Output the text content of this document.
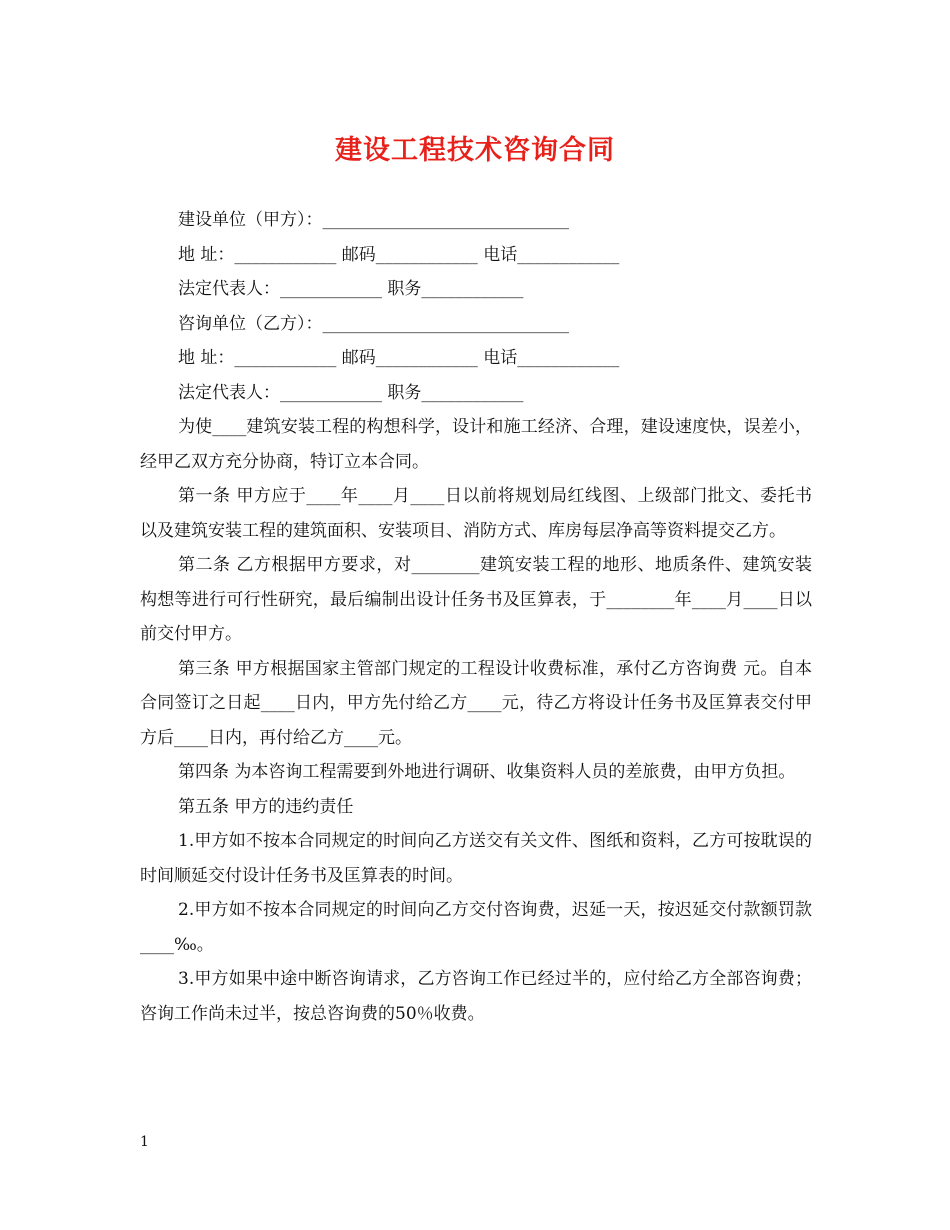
建设工程技术咨询合同
建设单位（甲方）：_____________________________
地 址：____________ 邮码____________ 电话____________
法定代表人：____________ 职务____________
咨询单位（乙方）：_____________________________
地 址：____________ 邮码____________ 电话____________
法定代表人：____________ 职务____________
为使____建筑安装工程的构想科学，设计和施工经济、合理，建设速度快，误差小，经甲乙双方充分协商，特订立本合同。
第一条 甲方应于____年____月____日以前将规划局红线图、上级部门批文、委托书以及建筑安装工程的建筑面积、安装项目、消防方式、库房每层净高等资料提交乙方。
第二条 乙方根据甲方要求，对________建筑安装工程的地形、地质条件、建筑安装构想等进行可行性研究，最后编制出设计任务书及匡算表，于________年____月____日以前交付甲方。
第三条 甲方根据国家主管部门规定的工程设计收费标准，承付乙方咨询费 元。自本合同签订之日起____日内，甲方先付给乙方____元，待乙方将设计任务书及匡算表交付甲方后____日内，再付给乙方____元。
第四条 为本咨询工程需要到外地进行调研、收集资料人员的差旅费，由甲方负担。
第五条 甲方的违约责任
1.甲方如不按本合同规定的时间向乙方送交有关文件、图纸和资料，乙方可按耽误的时间顺延交付设计任务书及匡算表的时间。
2.甲方如不按本合同规定的时间向乙方交付咨询费，迟延一天，按迟延交付款额罚款____‰。
3.甲方如果中途中断咨询请求，乙方咨询工作已经过半的，应付给乙方全部咨询费；咨询工作尚未过半，按总咨询费的50％收费。
1
